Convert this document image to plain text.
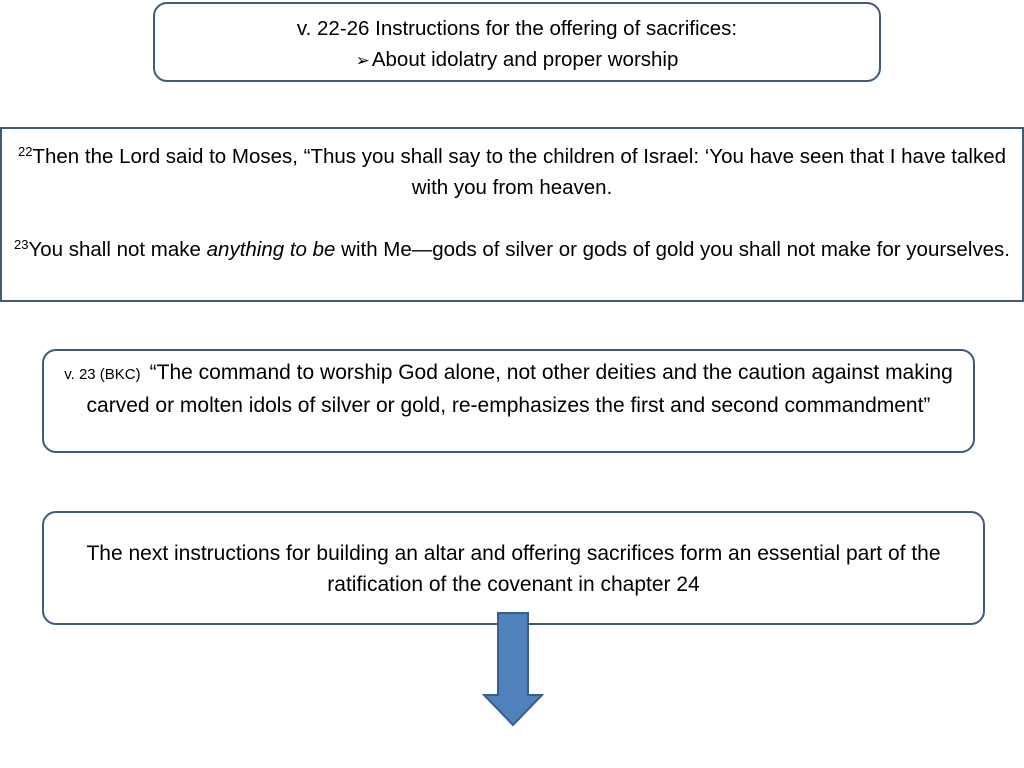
v. 22-26 Instructions for the offering of sacrifices:
➢About idolatry and proper worship

$^{22}$Then the Lord said to Moses, “Thus you shall say to the children of Israel: ‘You have seen that I have talked with you from heaven.

$^{23}$You shall not make anything to be with Me—gods of silver or gods of gold you shall not make for yourselves.

v. 23 (BKC) “The command to worship God alone, not other deities and the caution against making carved or molten idols of silver or gold, re-emphasizes the first and second commandment”
The next instructions for building an altar and offering sacrifices form an essential part of the ratification of the covenant in chapter 24
